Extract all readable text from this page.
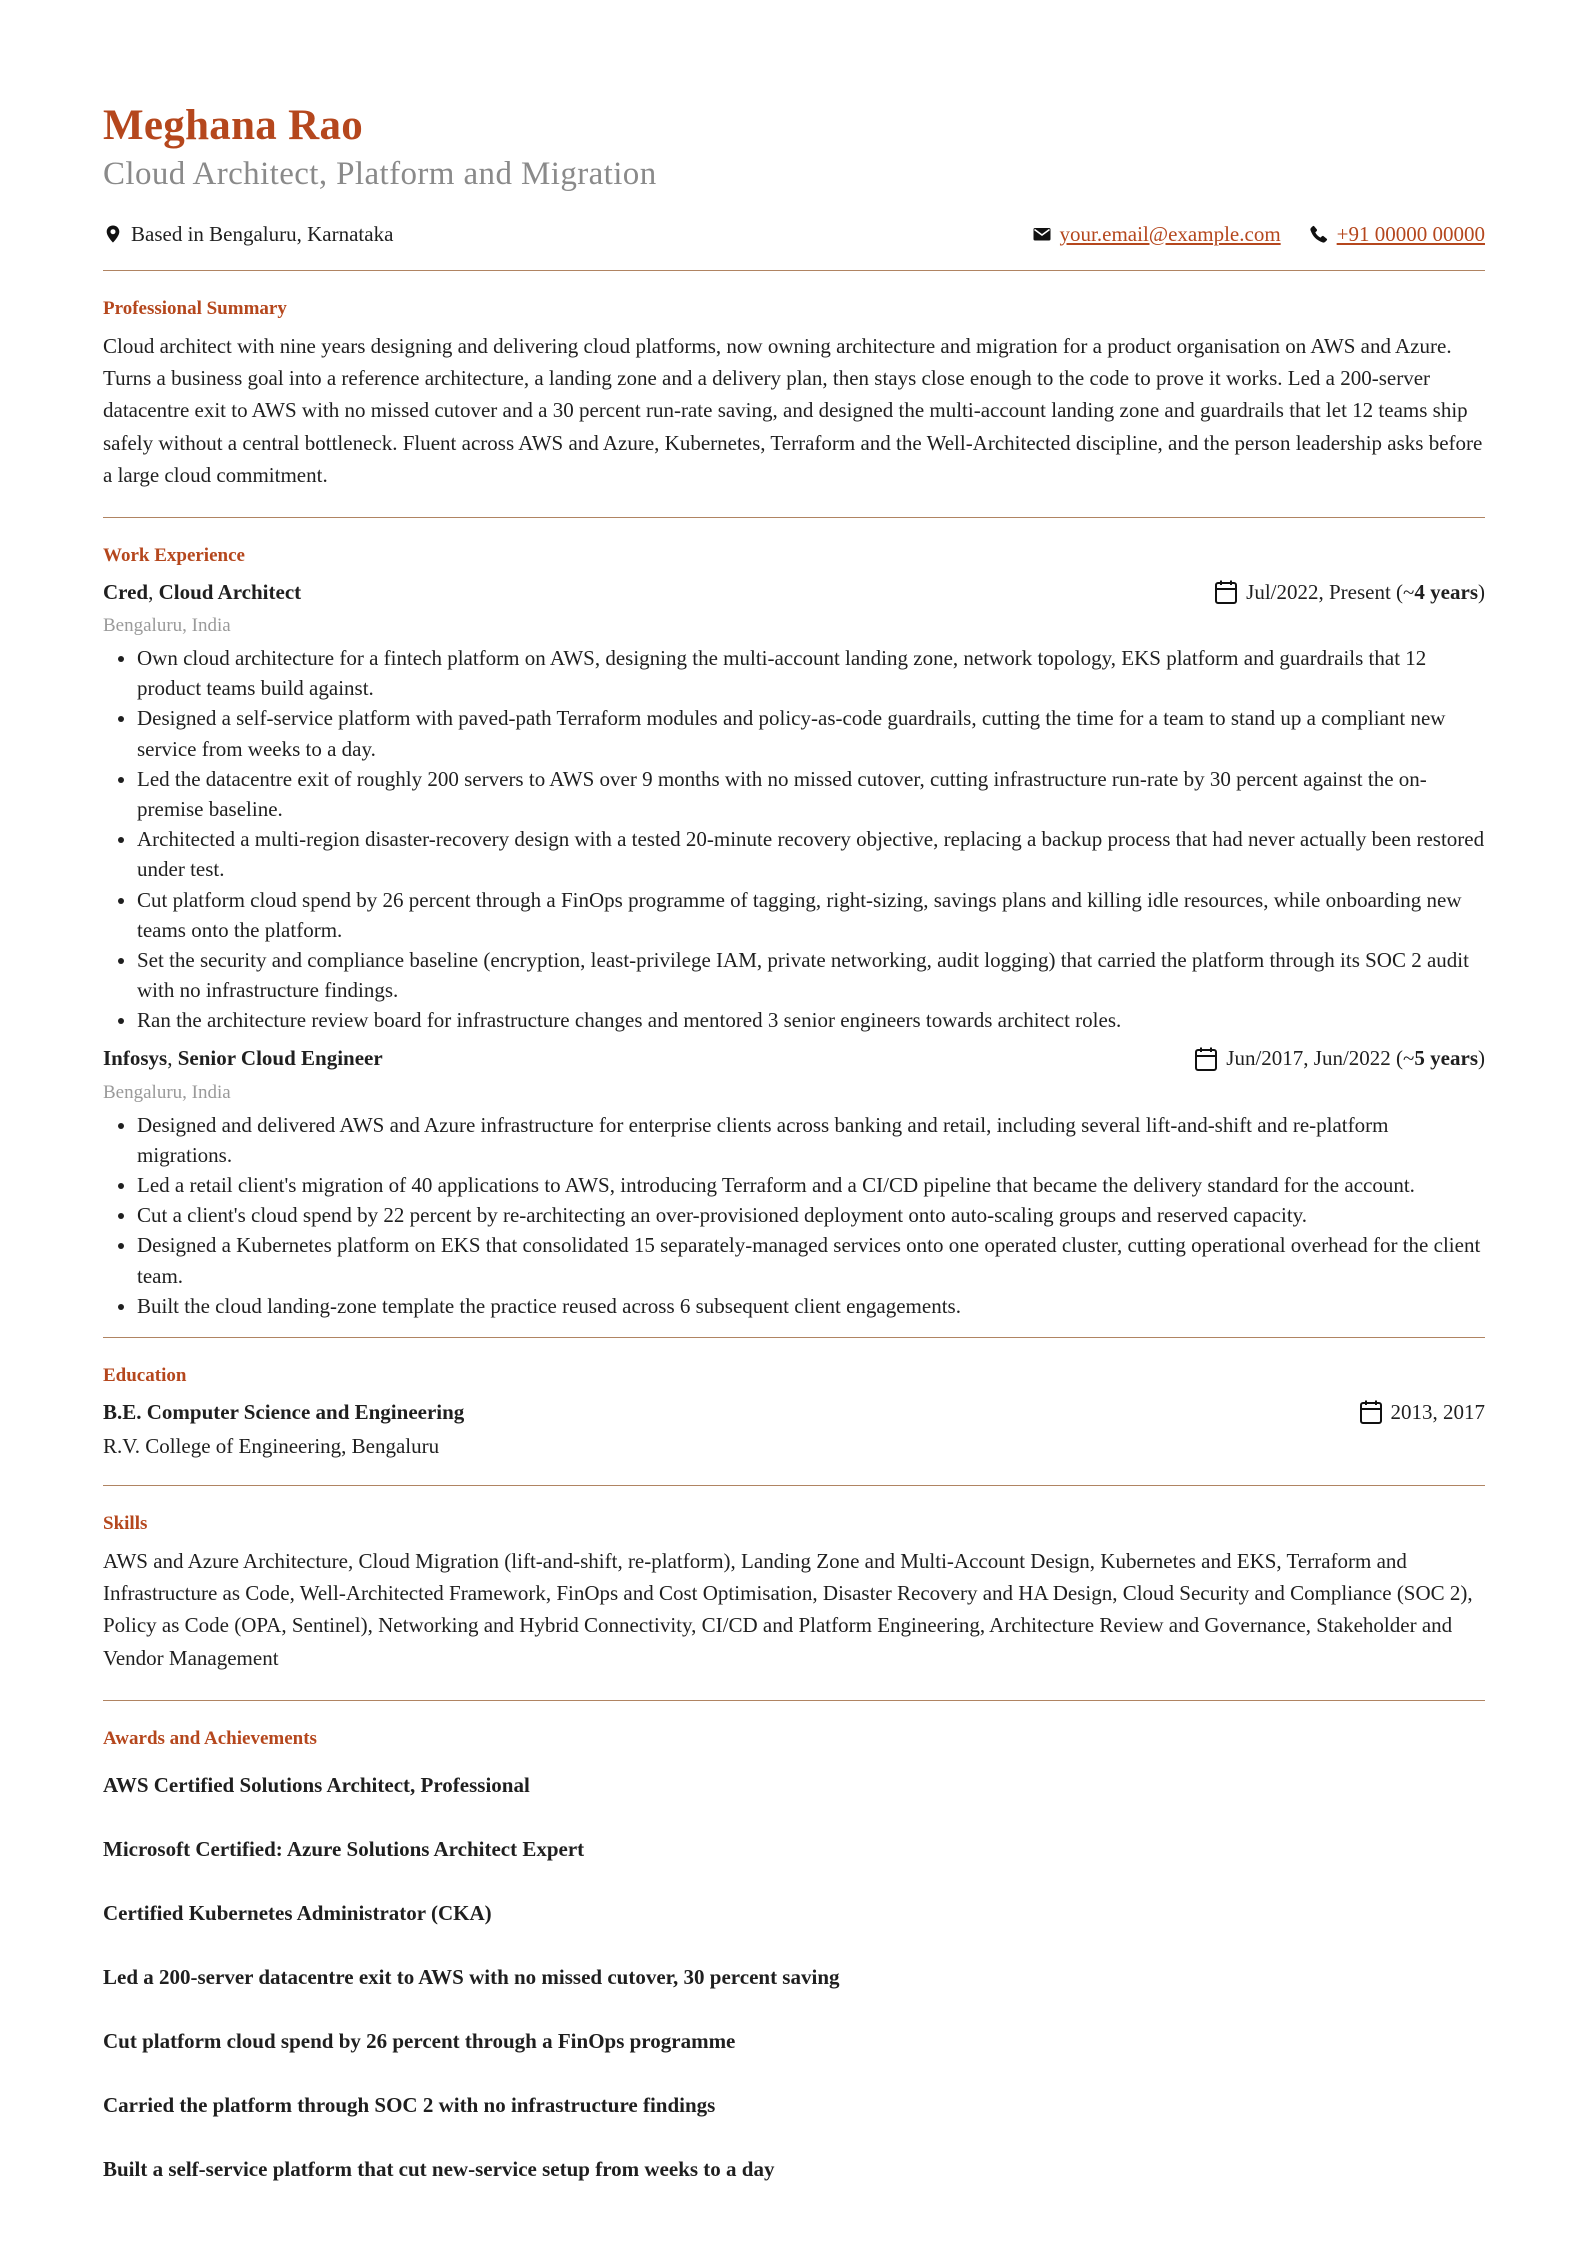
Meghana Rao
Cloud Architect, Platform and Migration
Based in Bengaluru, Karnataka	your.email@example.com	+91 00000 00000
Professional Summary

Cloud architect with nine years designing and delivering cloud platforms, now owning architecture and migration for a product organisation on AWS and Azure. Turns a business goal into a reference architecture, a landing zone and a delivery plan, then stays close enough to the code to prove it works. Led a 200-server datacentre exit to AWS with no missed cutover and a 30 percent run-rate saving, and designed the multi-account landing zone and guardrails that let 12 teams ship safely without a central bottleneck. Fluent across AWS and Azure, Kubernetes, Terraform and the Well-Architected discipline, and the person leadership asks before a large cloud commitment.

Work Experience
Cred, Cloud Architect	Jul/2022, Present (~ 4 years )

Bengaluru, India

• Own cloud architecture for a fintech platform on AWS, designing the multi-account landing zone, network topology, EKS platform and guardrails that 12 product teams build against.
• Designed a self-service platform with paved-path Terraform modules and policy-as-code guardrails, cutting the time for a team to stand up a compliant new service from weeks to a day.
• Led the datacentre exit of roughly 200 servers to AWS over 9 months with no missed cutover, cutting infrastructure run-rate by 30 percent against the on-premise baseline.
• Architected a multi-region disaster-recovery design with a tested 20-minute recovery objective, replacing a backup process that had never actually been restored under test.
• Cut platform cloud spend by 26 percent through a FinOps programme of tagging, right-sizing, savings plans and killing idle resources, while onboarding new teams onto the platform.
• Set the security and compliance baseline (encryption, least-privilege IAM, private networking, audit logging) that carried the platform through its SOC 2 audit with no infrastructure findings.
• Ran the architecture review board for infrastructure changes and mentored 3 senior engineers towards architect roles.
Infosys, Senior Cloud Engineer	Jun/2017, Jun/2022 (~ 5 years )

Bengaluru, India

• Designed and delivered AWS and Azure infrastructure for enterprise clients across banking and retail, including several lift-and-shift and re-platform migrations.
• Led a retail client's migration of 40 applications to AWS, introducing Terraform and a CI/CD pipeline that became the delivery standard for the account.
• Cut a client's cloud spend by 22 percent by re-architecting an over-provisioned deployment onto auto-scaling groups and reserved capacity.
• Designed a Kubernetes platform on EKS that consolidated 15 separately-managed services onto one operated cluster, cutting operational overhead for the client team.
• Built the cloud landing-zone template the practice reused across 6 subsequent client engagements.
Education
B.E. Computer Science and Engineering	2013, 2017

R.V. College of Engineering, Bengaluru

Skills

AWS and Azure Architecture, Cloud Migration (lift-and-shift, re-platform), Landing Zone and Multi-Account Design, Kubernetes and EKS, Terraform and Infrastructure as Code, Well-Architected Framework, FinOps and Cost Optimisation, Disaster Recovery and HA Design, Cloud Security and Compliance (SOC 2), Policy as Code (OPA, Sentinel), Networking and Hybrid Connectivity, CI/CD and Platform Engineering, Architecture Review and Governance, Stakeholder and Vendor Management

Awards and Achievements

AWS Certified Solutions Architect, Professional

Microsoft Certified: Azure Solutions Architect Expert

Certified Kubernetes Administrator (CKA)

Led a 200-server datacentre exit to AWS with no missed cutover, 30 percent saving

Cut platform cloud spend by 26 percent through a FinOps programme

Carried the platform through SOC 2 with no infrastructure findings

Built a self-service platform that cut new-service setup from weeks to a day
